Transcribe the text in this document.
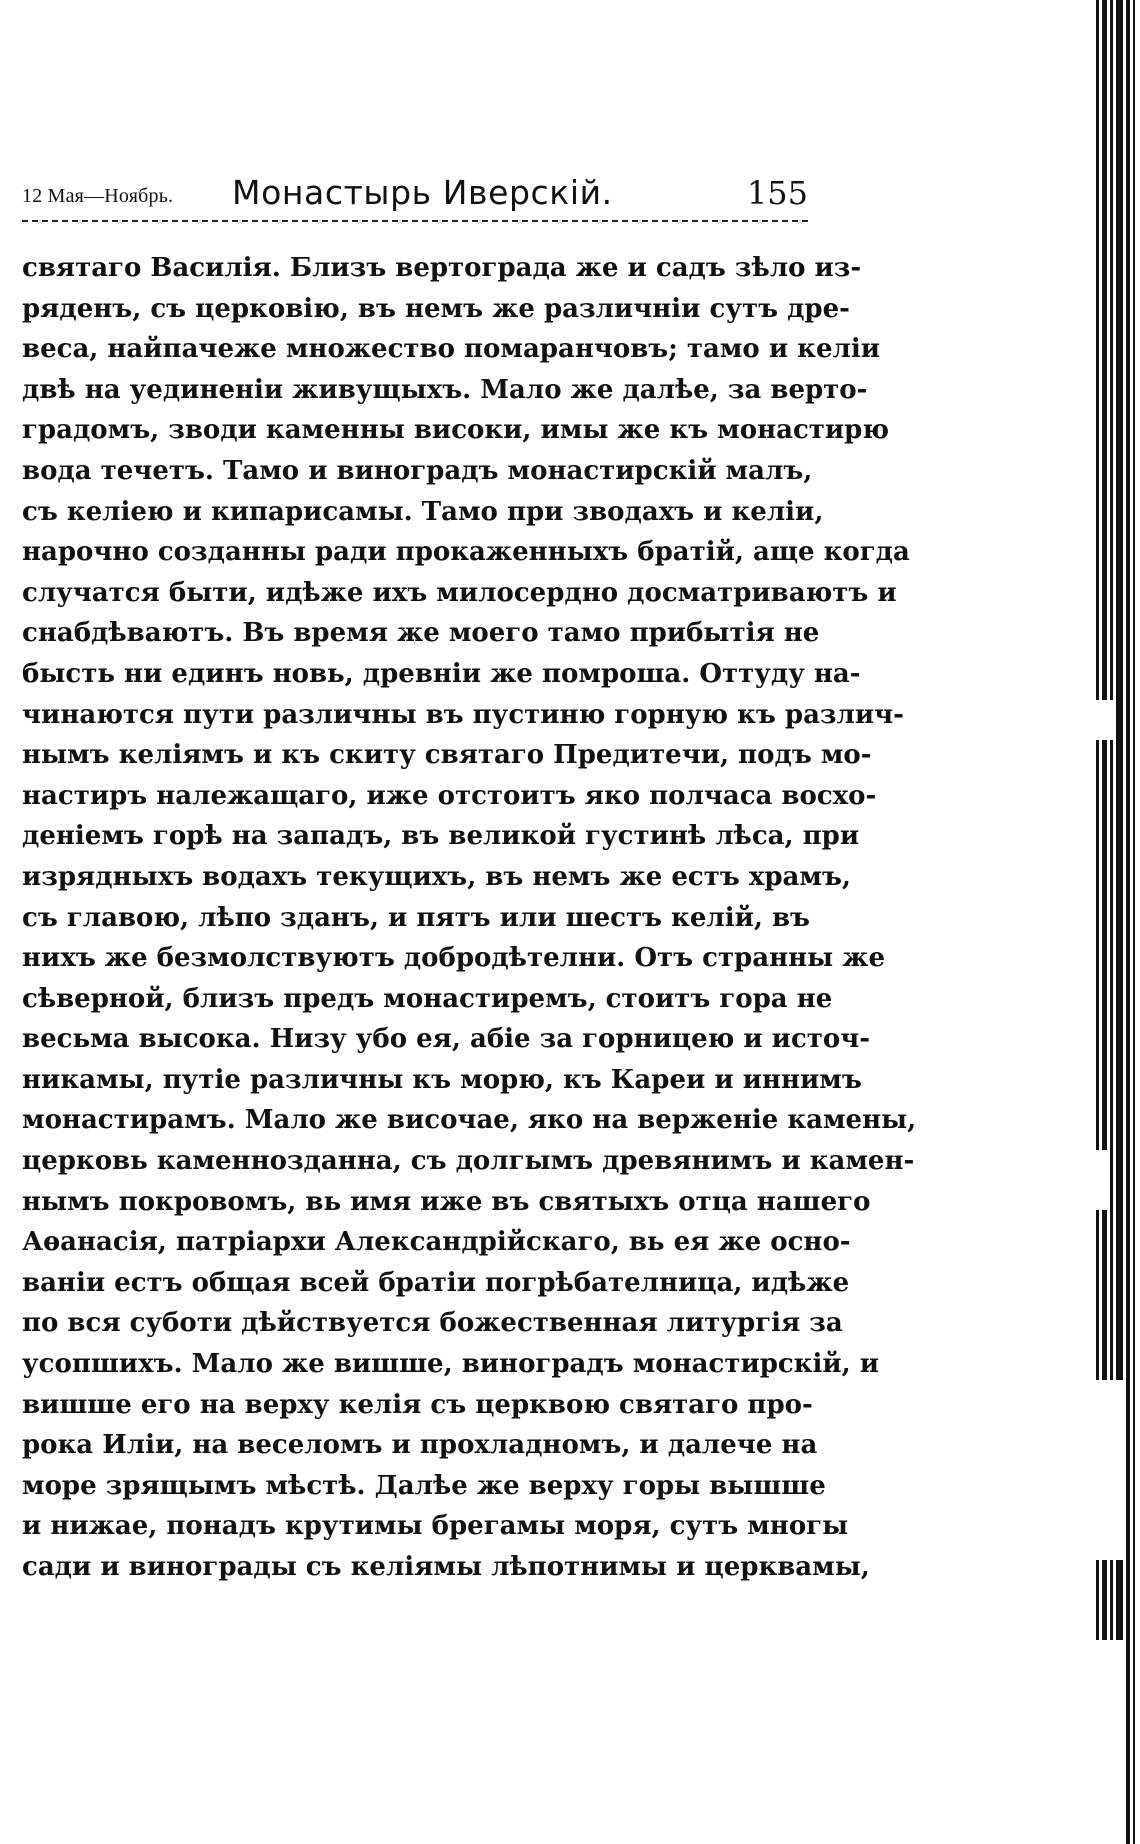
12 Мая—Ноябрь. Монастырь Иверскій.	155
святаго Василія. Близъ вертограда же и садъ зѣло из-
ряденъ, съ церковію, въ немъ же различніи сутъ дре-
веса, найпачеже множество помаранчовъ; тамо и келіи
двѣ на уединеніи живущыхъ. Мало же далѣе, за верто-
градомъ, зводи каменны високи, имы же къ монастирю
вода течетъ. Тамо и виноградъ монастирскій малъ,
съ келіею и кипарисамы. Тамо при зводахъ и келіи,
нарочно созданны ради прокаженныхъ братій, аще когда
случатся быти, идѣже ихъ милосердно досматриваютъ и
снабдѣваютъ. Въ время же моего тамо прибытія не
бысть ни единъ новь, древніи же помроша. Оттуду на-
чинаются пути различны въ пустиню горную къ различ-
нымъ келіямъ и къ скиту святаго Предитечи, подъ мо-
настиръ належащаго, иже отстоитъ яко полчаса восхо-
деніемъ горѣ на западъ, въ великой густинѣ лѣса, при
изрядныхъ водахъ текущихъ, въ немъ же естъ храмъ,
съ главою, лѣпо зданъ, и пятъ или шестъ келій, въ
нихъ же безмолствуютъ добродѣтелни. Отъ странны же
сѣверной, близъ предъ монастиремъ, стоитъ гора не
весьма высока. Низу убо ея, абіе за горницею и источ-
никамы, путіе различны къ морю, къ Кареи и иннимъ
монастирамъ. Мало же височае, яко на верженіе камены,
церковь каменнозданна, съ долгымъ древянимъ и камен-
нымъ покровомъ, вь имя иже въ святыхъ отца нашего
Аѳанасія, патріархи Александрійскаго, вь ея же осно-
ваніи естъ общая всей братіи погрѣбателница, идѣже
по вся суботи дѣйствуется божественная литургія за
усопшихъ. Мало же вишше, виноградъ монастирскій, и
вишше его на верху келія съ церквою святаго про-
рока Иліи, на веселомъ и прохладномъ, и далече на
море зрящымъ мѣстѣ. Далѣе же верху горы вышше
и нижае, понадъ крутимы брегамы моря, сутъ многы
сади и винограды съ келіямы лѣпотнимы и церквамы,
